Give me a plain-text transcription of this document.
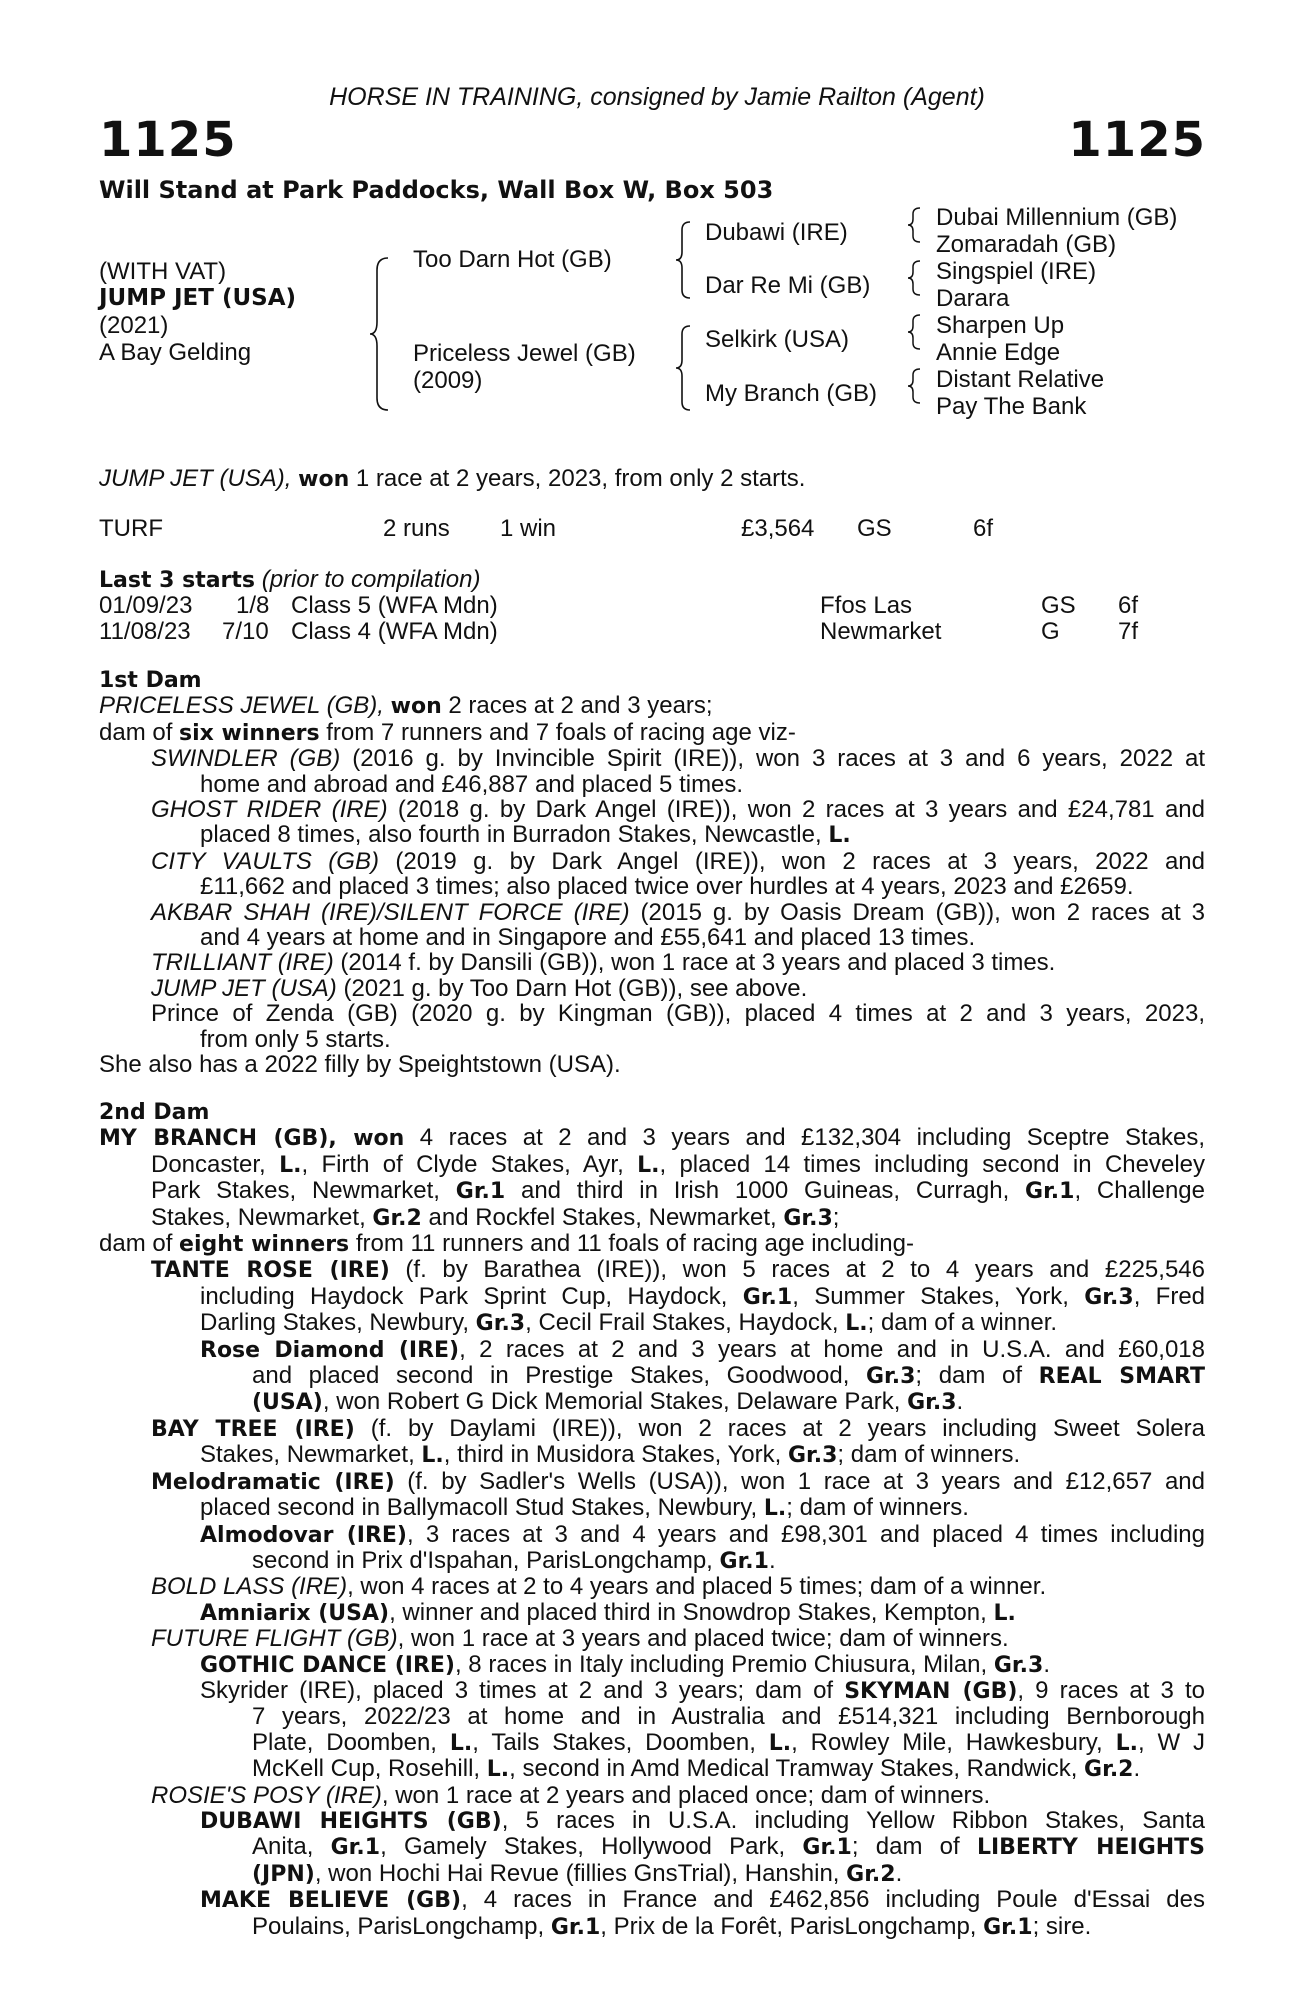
HORSE IN TRAINING, consigned by Jamie Railton (Agent)
1125	1125
Will Stand at Park Paddocks, Wall Box W, Box 503
(WITH VAT)
JUMP JET (USA)
(2021)
A Bay Gelding
Too Darn Hot (GB)
Priceless Jewel (GB)
(2009)
Dubawi (IRE)
Dar Re Mi (GB)
Selkirk (USA)
My Branch (GB)
Dubai Millennium (GB)
Zomaradah (GB)
Singspiel (IRE)
Darara
Sharpen Up
Annie Edge
Distant Relative
Pay The Bank
JUMP JET (USA), won 1 race at 2 years, 2023, from only 2 starts.
TURF	2 runs 1 win	£3,564 GS	6f
Last 3 starts (prior to compilation)
01/09/23 1/8 Class 5 (WFA Mdn)	Ffos Las	GS 6f
11/08/23 7/10 Class 4 (WFA Mdn)	Newmarket	G 7f
1st Dam
PRICELESS JEWEL (GB), won 2 races at 2 and 3 years;
dam of six winners from 7 runners and 7 foals of racing age viz-
SWINDLER (GB) (2016 g. by Invincible Spirit (IRE)), won 3 races at 3 and 6 years, 2022 at
home and abroad and £46,887 and placed 5 times.
GHOST RIDER (IRE) (2018 g. by Dark Angel (IRE)), won 2 races at 3 years and £24,781 and
placed 8 times, also fourth in Burradon Stakes, Newcastle, L.
CITY VAULTS (GB) (2019 g. by Dark Angel (IRE)), won 2 races at 3 years, 2022 and
£11,662 and placed 3 times; also placed twice over hurdles at 4 years, 2023 and £2659.
AKBAR SHAH (IRE)/SILENT FORCE (IRE) (2015 g. by Oasis Dream (GB)), won 2 races at 3
and 4 years at home and in Singapore and £55,641 and placed 13 times.
TRILLIANT (IRE) (2014 f. by Dansili (GB)), won 1 race at 3 years and placed 3 times.
JUMP JET (USA) (2021 g. by Too Darn Hot (GB)), see above.
Prince of Zenda (GB) (2020 g. by Kingman (GB)), placed 4 times at 2 and 3 years, 2023,
from only 5 starts.
She also has a 2022 filly by Speightstown (USA).
2nd Dam
MY BRANCH (GB), won 4 races at 2 and 3 years and £132,304 including Sceptre Stakes,
Doncaster, L., Firth of Clyde Stakes, Ayr, L., placed 14 times including second in Cheveley
Park Stakes, Newmarket, Gr.1 and third in Irish 1000 Guineas, Curragh, Gr.1, Challenge
Stakes, Newmarket, Gr.2 and Rockfel Stakes, Newmarket, Gr.3;
dam of eight winners from 11 runners and 11 foals of racing age including-
TANTE ROSE (IRE) (f. by Barathea (IRE)), won 5 races at 2 to 4 years and £225,546
including Haydock Park Sprint Cup, Haydock, Gr.1, Summer Stakes, York, Gr.3, Fred
Darling Stakes, Newbury, Gr.3, Cecil Frail Stakes, Haydock, L.; dam of a winner.
Rose Diamond (IRE), 2 races at 2 and 3 years at home and in U.S.A. and £60,018
and placed second in Prestige Stakes, Goodwood, Gr.3; dam of REAL SMART
(USA), won Robert G Dick Memorial Stakes, Delaware Park, Gr.3.
BAY TREE (IRE) (f. by Daylami (IRE)), won 2 races at 2 years including Sweet Solera
Stakes, Newmarket, L., third in Musidora Stakes, York, Gr.3; dam of winners.
Melodramatic (IRE) (f. by Sadler's Wells (USA)), won 1 race at 3 years and £12,657 and
placed second in Ballymacoll Stud Stakes, Newbury, L.; dam of winners.
Almodovar (IRE), 3 races at 3 and 4 years and £98,301 and placed 4 times including
second in Prix d'Ispahan, ParisLongchamp, Gr.1.
BOLD LASS (IRE), won 4 races at 2 to 4 years and placed 5 times; dam of a winner.
Amniarix (USA), winner and placed third in Snowdrop Stakes, Kempton, L.
FUTURE FLIGHT (GB), won 1 race at 3 years and placed twice; dam of winners.
GOTHIC DANCE (IRE), 8 races in Italy including Premio Chiusura, Milan, Gr.3.
Skyrider (IRE), placed 3 times at 2 and 3 years; dam of SKYMAN (GB), 9 races at 3 to
7 years, 2022/23 at home and in Australia and £514,321 including Bernborough
Plate, Doomben, L., Tails Stakes, Doomben, L., Rowley Mile, Hawkesbury, L., W J
McKell Cup, Rosehill, L., second in Amd Medical Tramway Stakes, Randwick, Gr.2.
ROSIE'S POSY (IRE), won 1 race at 2 years and placed once; dam of winners.
DUBAWI HEIGHTS (GB), 5 races in U.S.A. including Yellow Ribbon Stakes, Santa
Anita, Gr.1, Gamely Stakes, Hollywood Park, Gr.1; dam of LIBERTY HEIGHTS
(JPN), won Hochi Hai Revue (fillies GnsTrial), Hanshin, Gr.2.
MAKE BELIEVE (GB), 4 races in France and £462,856 including Poule d'Essai des
Poulains, ParisLongchamp, Gr.1, Prix de la Forêt, ParisLongchamp, Gr.1; sire.
